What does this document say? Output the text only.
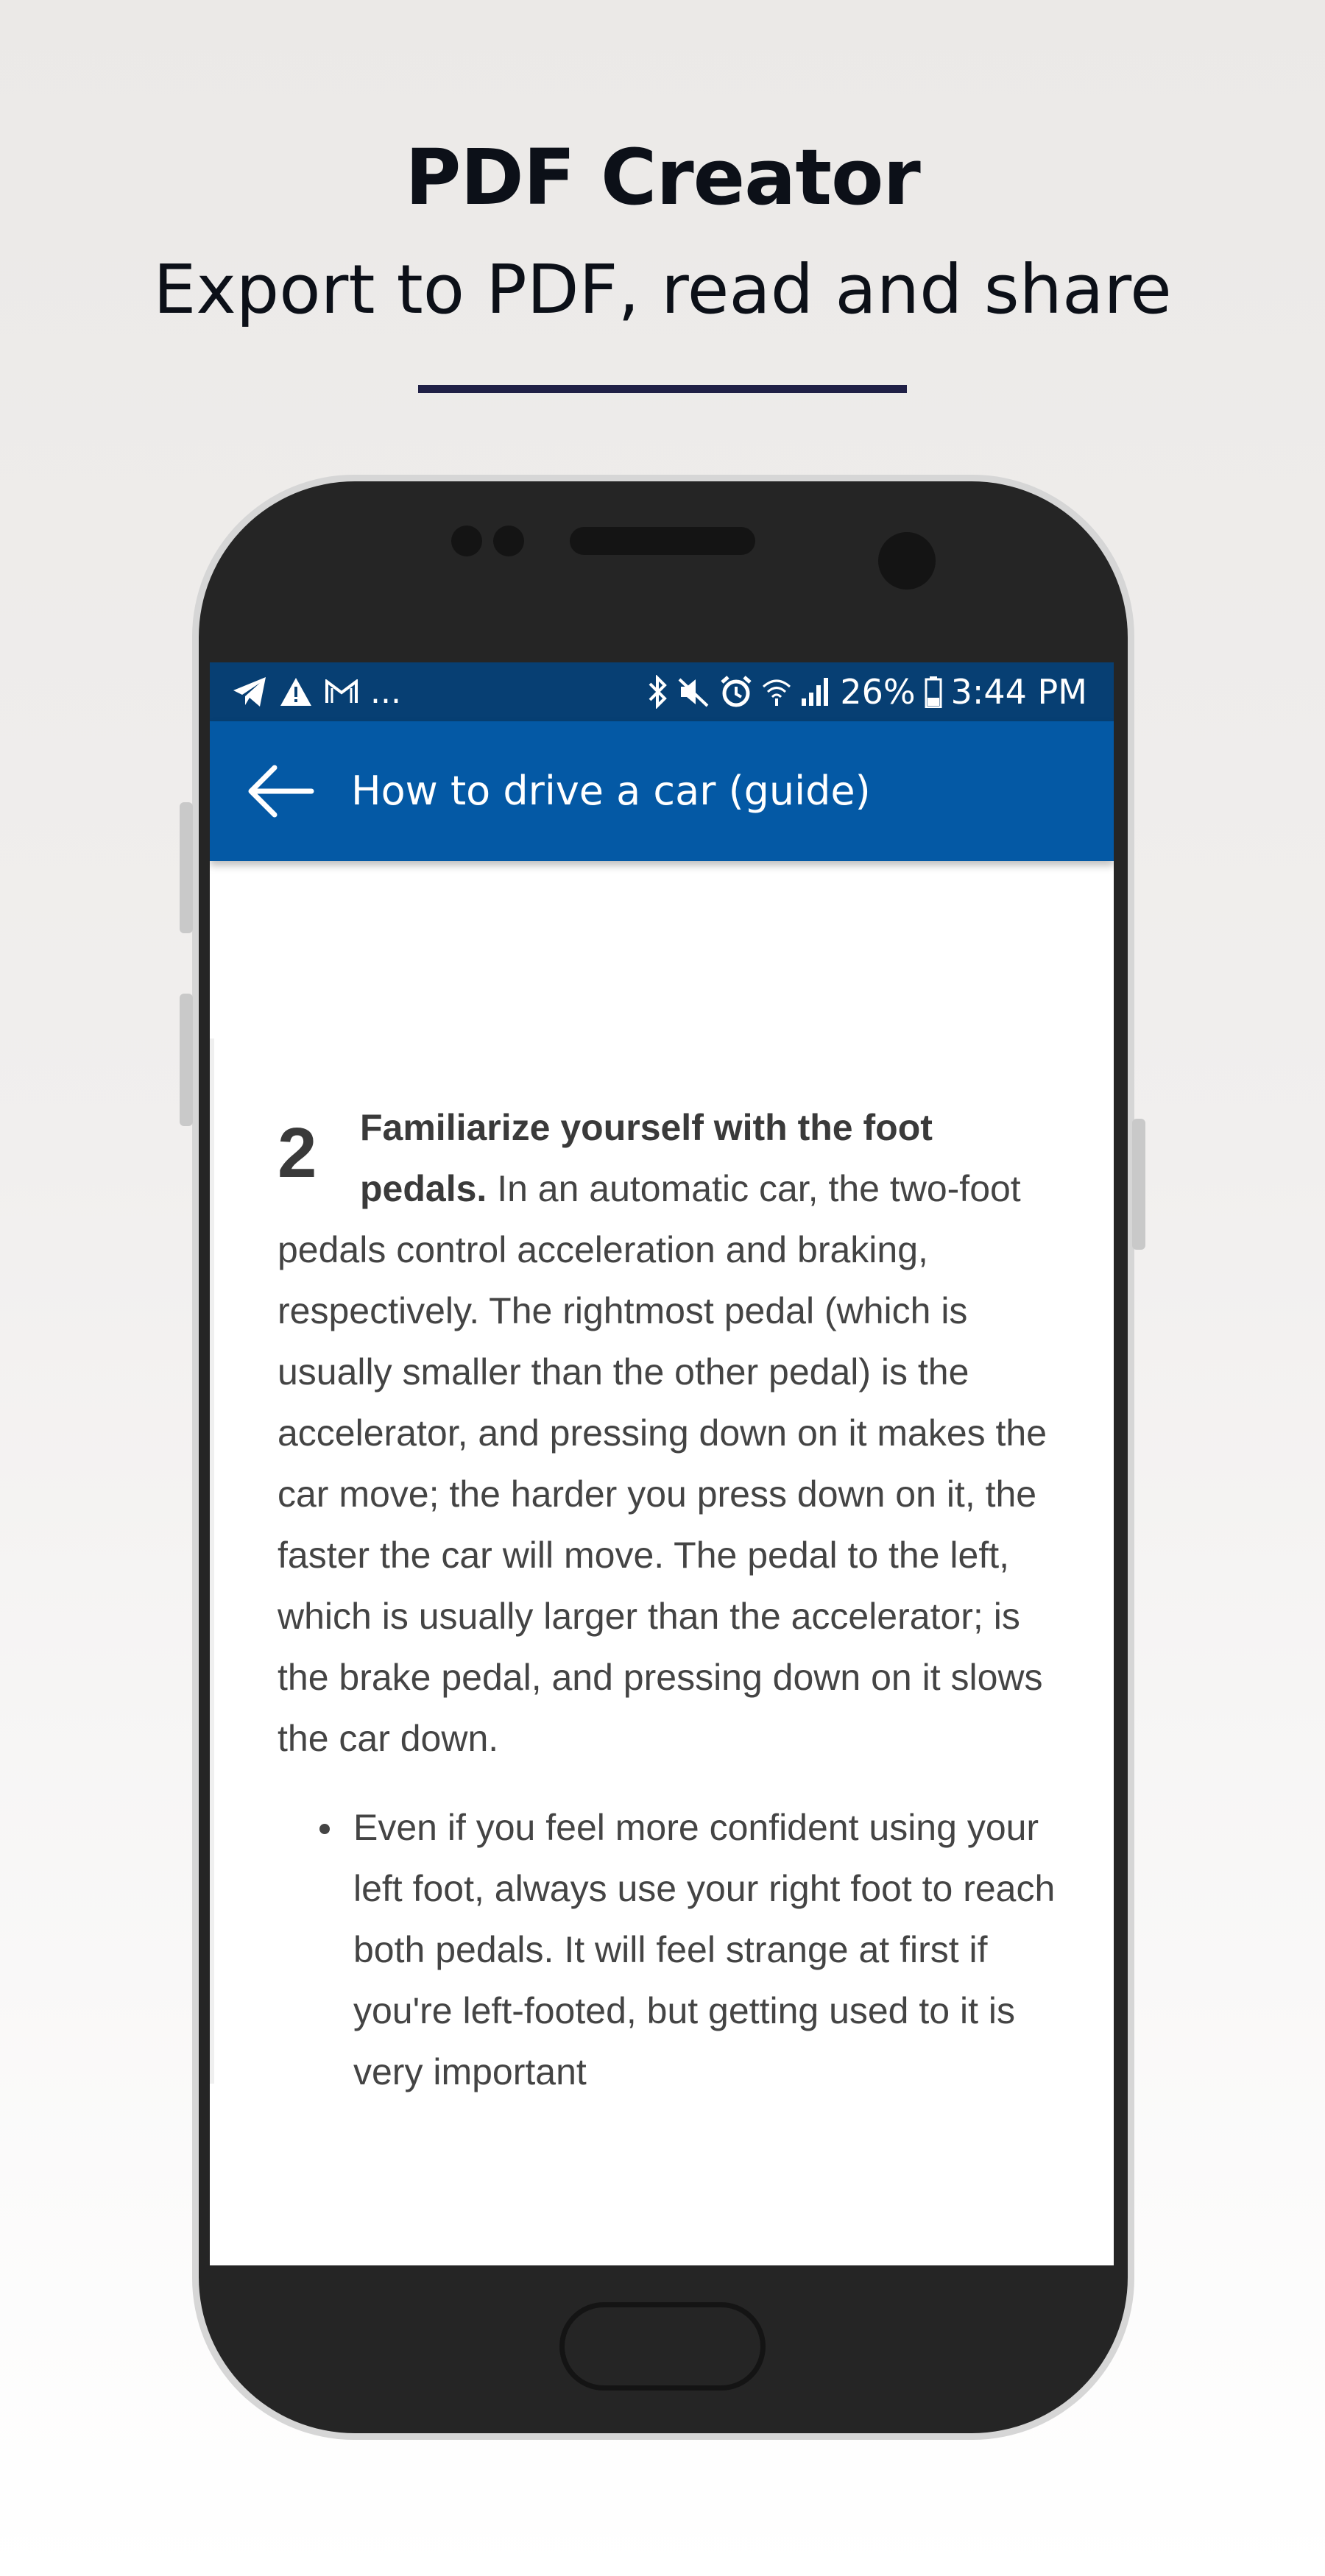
PDF Creator
Export to PDF, read and share
...	26% 3:44 PM
How to drive a car (guide)
2	Familiarize yourself with the foot
pedals. In an automatic car, the two-foot pedals control acceleration and braking, respectively. The rightmost pedal (which is usually smaller than the other pedal) is the accelerator, and pressing down on it makes the car move; the harder you press down on it, the faster the car will move. The pedal to the left, which is usually larger than the accelerator; is the brake pedal, and pressing down on it slows the car down.

Even if you feel more confident using your left foot, always use your right foot to reach both pedals. It will feel strange at first if you're left-footed, but getting used to it is very important
